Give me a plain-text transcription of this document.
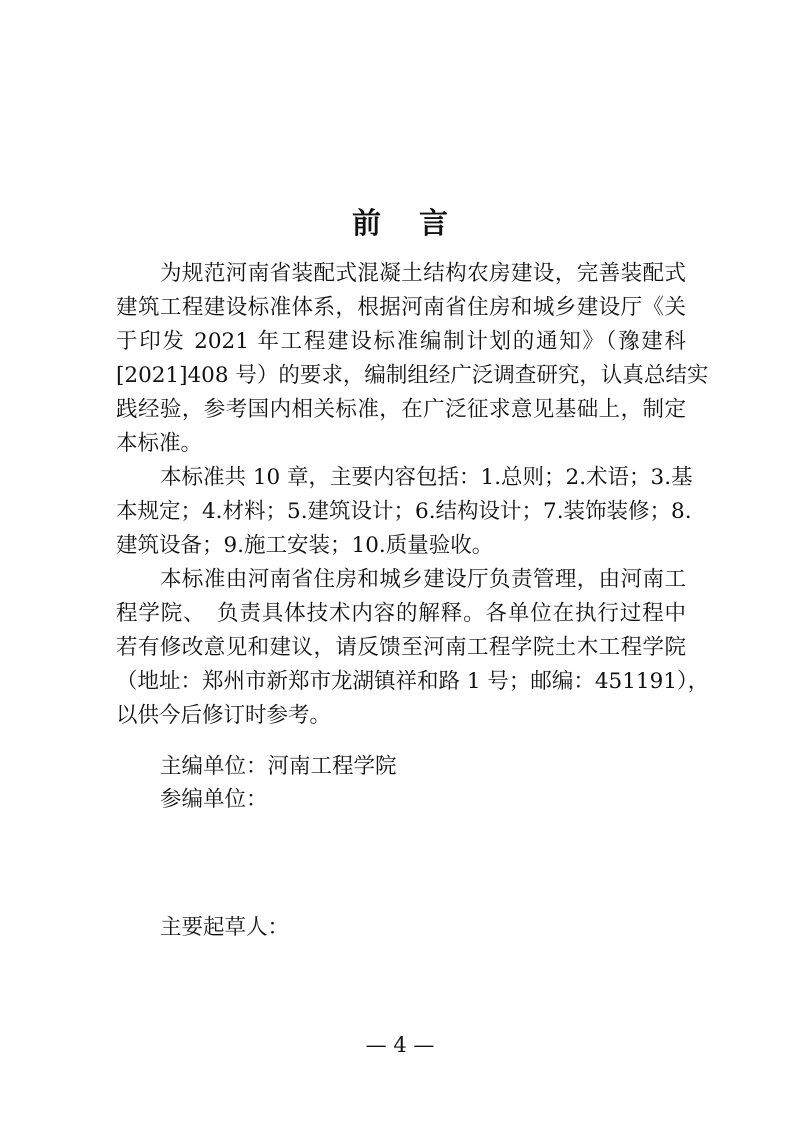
前 言
为规范河南省装配式混凝土结构农房建设，完善装配式
建筑工程建设标准体系，根据河南省住房和城乡建设厅《关
于印发 2021 年工程建设标准编制计划的通知》（豫建科
[2021]408 号）的要求，编制组经广泛调查研究，认真总结实
践经验，参考国内相关标准，在广泛征求意见基础上，制定
本标准。
本标准共 10 章，主要内容包括：1.总则；2.术语；3.基
本规定；4.材料；5.建筑设计；6.结构设计；7.装饰装修；8.
建筑设备；9.施工安装；10.质量验收。
本标准由河南省住房和城乡建设厅负责管理，由河南工
程学院、　负责具体技术内容的解释。各单位在执行过程中
若有修改意见和建议，请反馈至河南工程学院土木工程学院
（地址：郑州市新郑市龙湖镇祥和路 1 号；邮编：451191），
以供今后修订时参考。
主编单位：河南工程学院
参编单位：
主要起草人：
— 4 —
